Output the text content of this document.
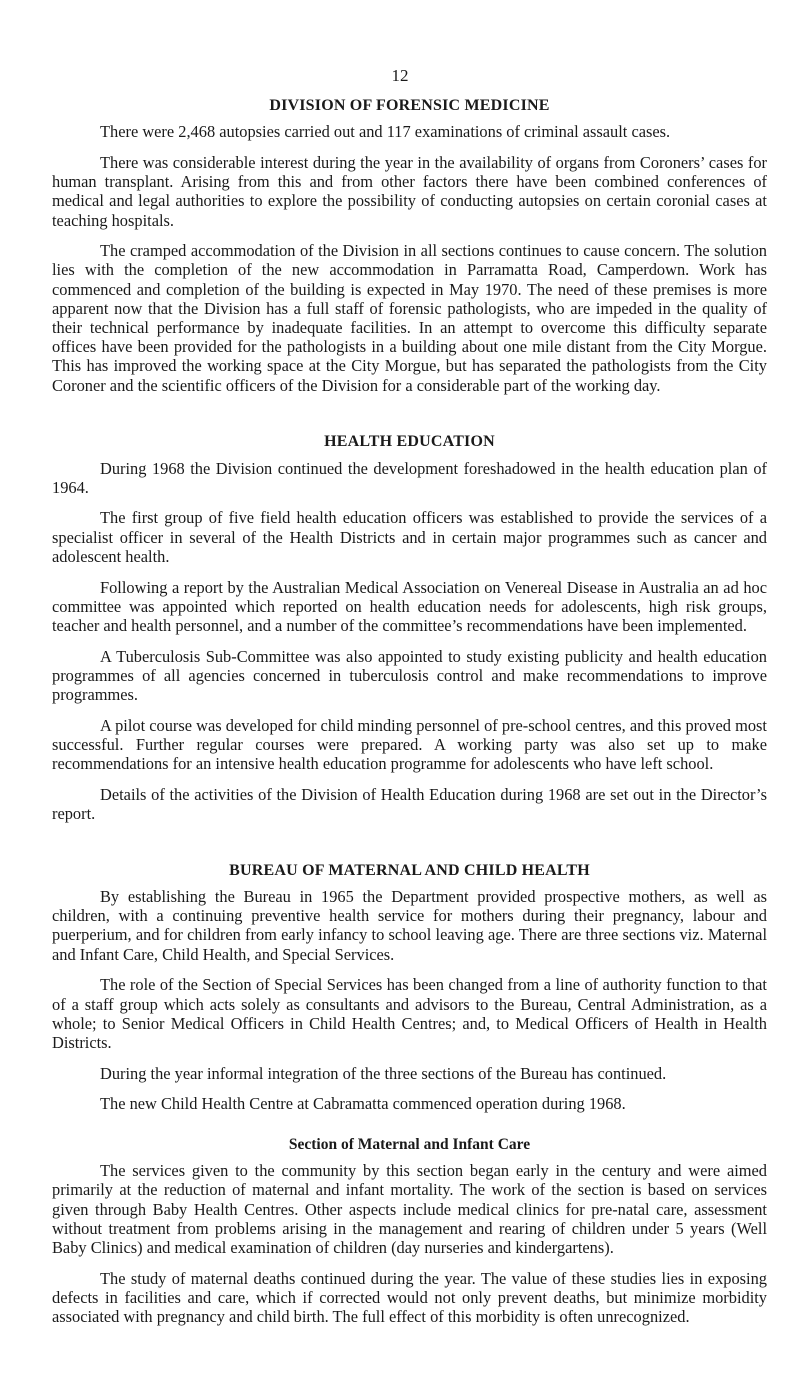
12
DIVISION OF FORENSIC MEDICINE

There were 2,468 autopsies carried out and 117 examinations of criminal assault cases.

There was considerable interest during the year in the availability of organs from Coroners’ cases for human transplant. Arising from this and from other factors there have been combined conferences of medical and legal authorities to explore the possibility of conducting autopsies on certain coronial cases at teaching hospitals.

The cramped accommodation of the Division in all sections continues to cause concern. The solution lies with the completion of the new accommodation in Parramatta Road, Camperdown. Work has commenced and completion of the building is expected in May 1970. The need of these premises is more apparent now that the Division has a full staff of forensic pathologists, who are impeded in the quality of their technical performance by inadequate facilities. In an attempt to overcome this difficulty separate offices have been provided for the pathologists in a building about one mile distant from the City Morgue. This has improved the working space at the City Morgue, but has separated the pathologists from the City Coroner and the scientific officers of the Division for a considerable part of the working day.

HEALTH EDUCATION

During 1968 the Division continued the development foreshadowed in the health education plan of 1964.

The first group of five field health education officers was established to provide the services of a specialist officer in several of the Health Districts and in certain major programmes such as cancer and adolescent health.

Following a report by the Australian Medical Association on Venereal Disease in Australia an ad hoc committee was appointed which reported on health education needs for adolescents, high risk groups, teacher and health personnel, and a number of the committee’s recommendations have been implemented.

A Tuberculosis Sub-Committee was also appointed to study existing publicity and health education programmes of all agencies concerned in tuberculosis control and make recommendations to improve programmes.

A pilot course was developed for child minding personnel of pre-school centres, and this proved most successful. Further regular courses were prepared. A working party was also set up to make recommendations for an intensive health education programme for adolescents who have left school.

Details of the activities of the Division of Health Education during 1968 are set out in the Director’s report.

BUREAU OF MATERNAL AND CHILD HEALTH

By establishing the Bureau in 1965 the Department provided prospective mothers, as well as children, with a continuing preventive health service for mothers during their pregnancy, labour and puerperium, and for children from early infancy to school leaving age. There are three sections viz. Maternal and Infant Care, Child Health, and Special Services.

The role of the Section of Special Services has been changed from a line of authority function to that of a staff group which acts solely as consultants and advisors to the Bureau, Central Administration, as a whole; to Senior Medical Officers in Child Health Centres; and, to Medical Officers of Health in Health Districts.

During the year informal integration of the three sections of the Bureau has continued.

The new Child Health Centre at Cabramatta commenced operation during 1968.

Section of Maternal and Infant Care

The services given to the community by this section began early in the century and were aimed primarily at the reduction of maternal and infant mortality. The work of the section is based on services given through Baby Health Centres. Other aspects include medical clinics for pre-natal care, assessment without treatment from problems arising in the management and rearing of children under 5 years (Well Baby Clinics) and medical examination of children (day nurseries and kindergartens).

The study of maternal deaths continued during the year. The value of these studies lies in exposing defects in facilities and care, which if corrected would not only prevent deaths, but minimize morbidity associated with pregnancy and child birth. The full effect of this morbidity is often unrecognized.
